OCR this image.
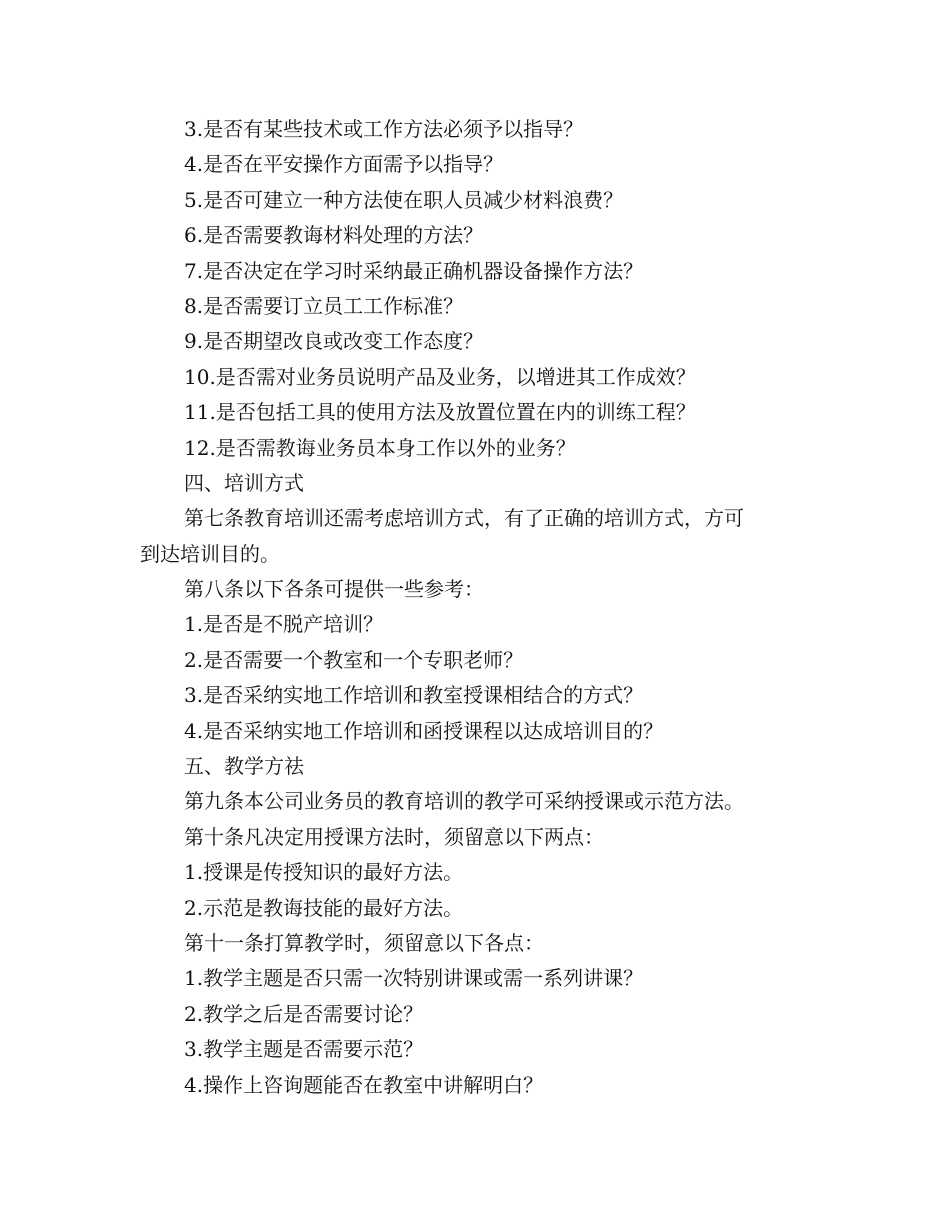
3.是否有某些技术或工作方法必须予以指导？
4.是否在平安操作方面需予以指导？
5.是否可建立一种方法使在职人员减少材料浪费？
6.是否需要教诲材料处理的方法？
7.是否决定在学习时采纳最正确机器设备操作方法？
8.是否需要订立员工工作标准？
9.是否期望改良或改变工作态度？
10.是否需对业务员说明产品及业务，以增进其工作成效？
11.是否包括工具的使用方法及放置位置在内的训练工程？
12.是否需教诲业务员本身工作以外的业务？
四、培训方式
第七条教育培训还需考虑培训方式，有了正确的培训方式，方可
到达培训目的。
第八条以下各条可提供一些参考：
1.是否是不脱产培训？
2.是否需要一个教室和一个专职老师？
3.是否采纳实地工作培训和教室授课相结合的方式？
4.是否采纳实地工作培训和函授课程以达成培训目的？
五、教学方祛
第九条本公司业务员的教育培训的教学可采纳授课或示范方法。
第十条凡决定用授课方法时，须留意以下两点：
1.授课是传授知识的最好方法。
2.示范是教诲技能的最好方法。
第十一条打算教学时，须留意以下各点：
1.教学主题是否只需一次特别讲课或需一系列讲课？
2.教学之后是否需要讨论？
3.教学主题是否需要示范？
4.操作上咨询题能否在教室中讲解明白？
